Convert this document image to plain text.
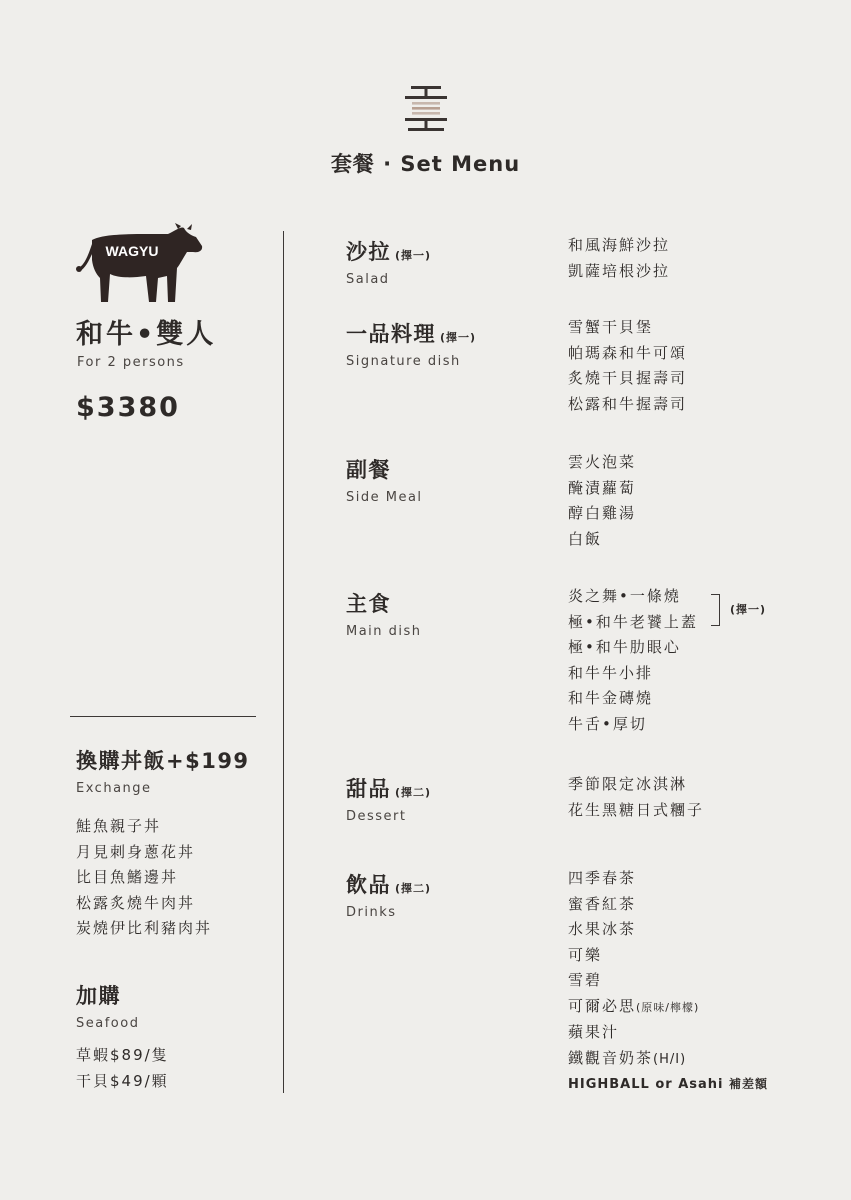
套餐 · Set Menu
WAGYU
和牛•雙人
For 2 persons
$3380
換購丼飯+$199
Exchange
鮭魚親子丼
月見刺身蔥花丼
比目魚鰭邊丼
松露炙燒牛肉丼
炭燒伊比利豬肉丼
加購
Seafood
草蝦$89/隻
干貝$49/顆
沙拉 (擇一)
Salad
和風海鮮沙拉
凱薩培根沙拉
一品料理 (擇一)
Signature dish
雪蟹干貝堡
帕瑪森和牛可頌
炙燒干貝握壽司
松露和牛握壽司
副餐
Side Meal
雲火泡菜
醃漬蘿蔔
醇白雞湯
白飯
主食
Main dish
炎之舞•一條燒
極•和牛老饕上蓋
極•和牛肋眼心
和牛牛小排
和牛金磚燒
牛舌•厚切
(擇一)
甜品 (擇二)
Dessert
季節限定冰淇淋
花生黑糖日式糰子
飲品 (擇二)
Drinks
四季春茶
蜜香紅茶
水果冰茶
可樂
雪碧
可爾必思(原味/檸檬)
蘋果汁
鐵觀音奶茶(H/I)
HIGHBALL or Asahi 補差額
